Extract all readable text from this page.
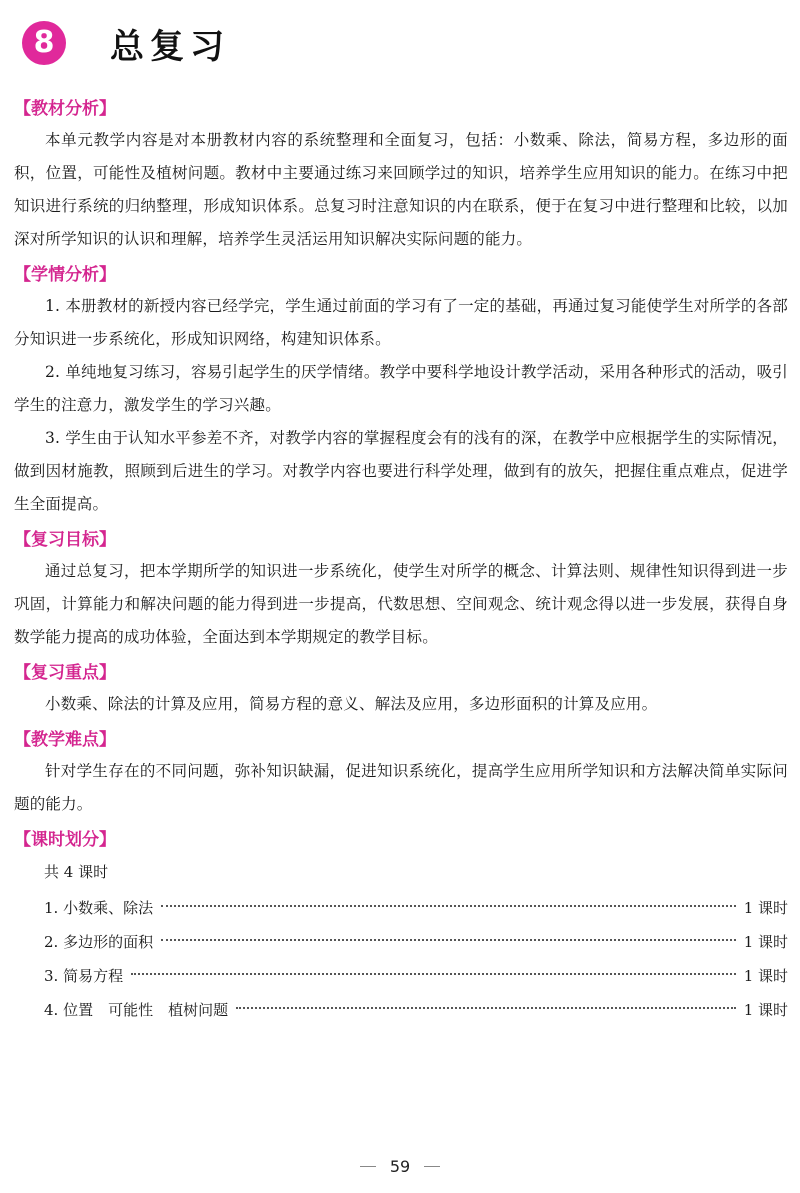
8	总复习
【教材分析】

本单元教学内容是对本册教材内容的系统整理和全面复习，包括：小数乘、除法，简易方程，多边形的面积，位置，可能性及植树问题。教材中主要通过练习来回顾学过的知识，培养学生应用知识的能力。在练习中把知识进行系统的归纳整理，形成知识体系。总复习时注意知识的内在联系，便于在复习中进行整理和比较，以加深对所学知识的认识和理解，培养学生灵活运用知识解决实际问题的能力。

【学情分析】

1. 本册教材的新授内容已经学完，学生通过前面的学习有了一定的基础，再通过复习能使学生对所学的各部分知识进一步系统化，形成知识网络，构建知识体系。

2. 单纯地复习练习，容易引起学生的厌学情绪。教学中要科学地设计教学活动，采用各种形式的活动，吸引学生的注意力，激发学生的学习兴趣。

3. 学生由于认知水平参差不齐，对教学内容的掌握程度会有的浅有的深，在教学中应根据学生的实际情况，做到因材施教，照顾到后进生的学习。对教学内容也要进行科学处理，做到有的放矢，把握住重点难点，促进学生全面提高。

【复习目标】

通过总复习，把本学期所学的知识进一步系统化，使学生对所学的概念、计算法则、规律性知识得到进一步巩固，计算能力和解决问题的能力得到进一步提高，代数思想、空间观念、统计观念得以进一步发展，获得自身数学能力提高的成功体验，全面达到本学期规定的教学目标。

【复习重点】

小数乘、除法的计算及应用，简易方程的意义、解法及应用，多边形面积的计算及应用。

【教学难点】

针对学生存在的不同问题，弥补知识缺漏，促进知识系统化，提高学生应用所学知识和方法解决简单实际问题的能力。

【课时划分】
共 4 课时
1. 小数乘、除法	1 课时
2. 多边形的面积	1 课时
3. 简易方程	1 课时
4. 位置　可能性　植树问题	1 课时
59
